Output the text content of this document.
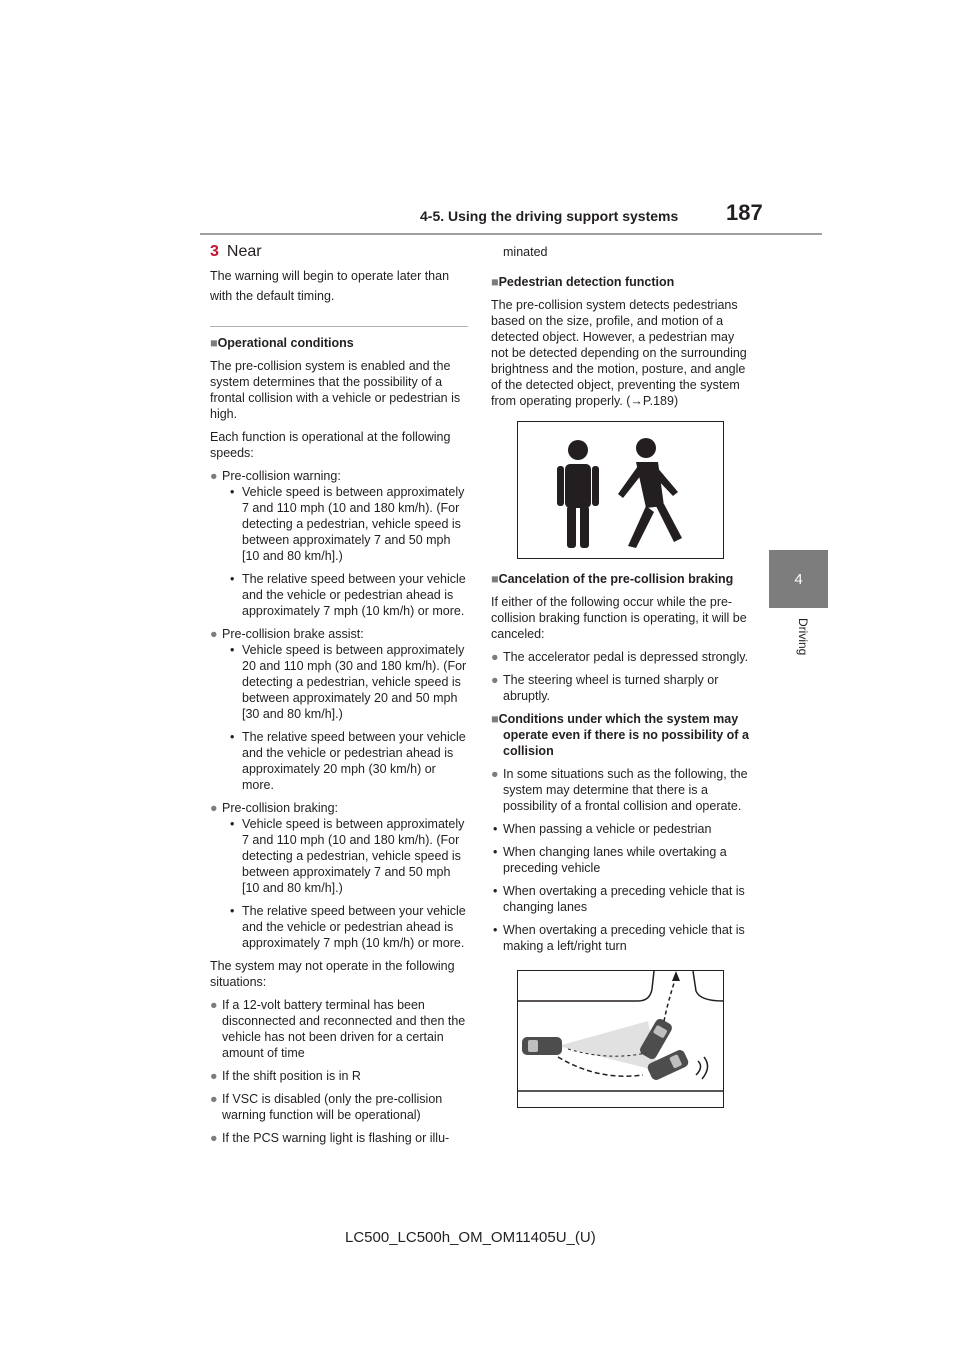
4-5. Using the driving support systems 187
4
Driving
3 Near

The warning will begin to operate later than with the default timing.

■Operational conditions

The pre-collision system is enabled and the system determines that the possibility of a frontal collision with a vehicle or pedestrian is high.

Each function is operational at the following speeds:

● Pre-collision warning:

• Vehicle speed is between approximately 7 and 110 mph (10 and 180 km/h). (For detecting a pedestrian, vehicle speed is between approximately 7 and 50 mph [10 and 80 km/h].)

• The relative speed between your vehicle and the vehicle or pedestrian ahead is approximately 7 mph (10 km/h) or more.

● Pre-collision brake assist:

• Vehicle speed is between approximately 20 and 110 mph (30 and 180 km/h). (For detecting a pedestrian, vehicle speed is between approximately 20 and 50 mph [30 and 80 km/h].)

• The relative speed between your vehicle and the vehicle or pedestrian ahead is approximately 20 mph (30 km/h) or more.

● Pre-collision braking:

• Vehicle speed is between approximately 7 and 110 mph (10 and 180 km/h). (For detecting a pedestrian, vehicle speed is between approximately 7 and 50 mph [10 and 80 km/h].)

• The relative speed between your vehicle and the vehicle or pedestrian ahead is approximately 7 mph (10 km/h) or more.

The system may not operate in the following situations:

● If a 12-volt battery terminal has been disconnected and reconnected and then the vehicle has not been driven for a certain amount of time
● If the shift position is in R
● If VSC is disabled (only the pre-collision warning function will be operational)
● If the PCS warning light is flashing or illu-

minated

■Pedestrian detection function

The pre-collision system detects pedestrians based on the size, profile, and motion of a detected object. However, a pedestrian may not be detected depending on the surrounding brightness and the motion, posture, and angle of the detected object, preventing the system from operating properly. (→P.189)

■Cancelation of the pre-collision braking

If either of the following occur while the pre-collision braking function is operating, it will be canceled:

● The accelerator pedal is depressed strongly.
● The steering wheel is turned sharply or abruptly.

■Conditions under which the system may operate even if there is no possibility of a collision

● In some situations such as the following, the system may determine that there is a possibility of a frontal collision and operate.

• When passing a vehicle or pedestrian

• When changing lanes while overtaking a preceding vehicle

• When overtaking a preceding vehicle that is changing lanes

• When overtaking a preceding vehicle that is making a left/right turn

LC500_LC500h_OM_OM11405U_(U)
